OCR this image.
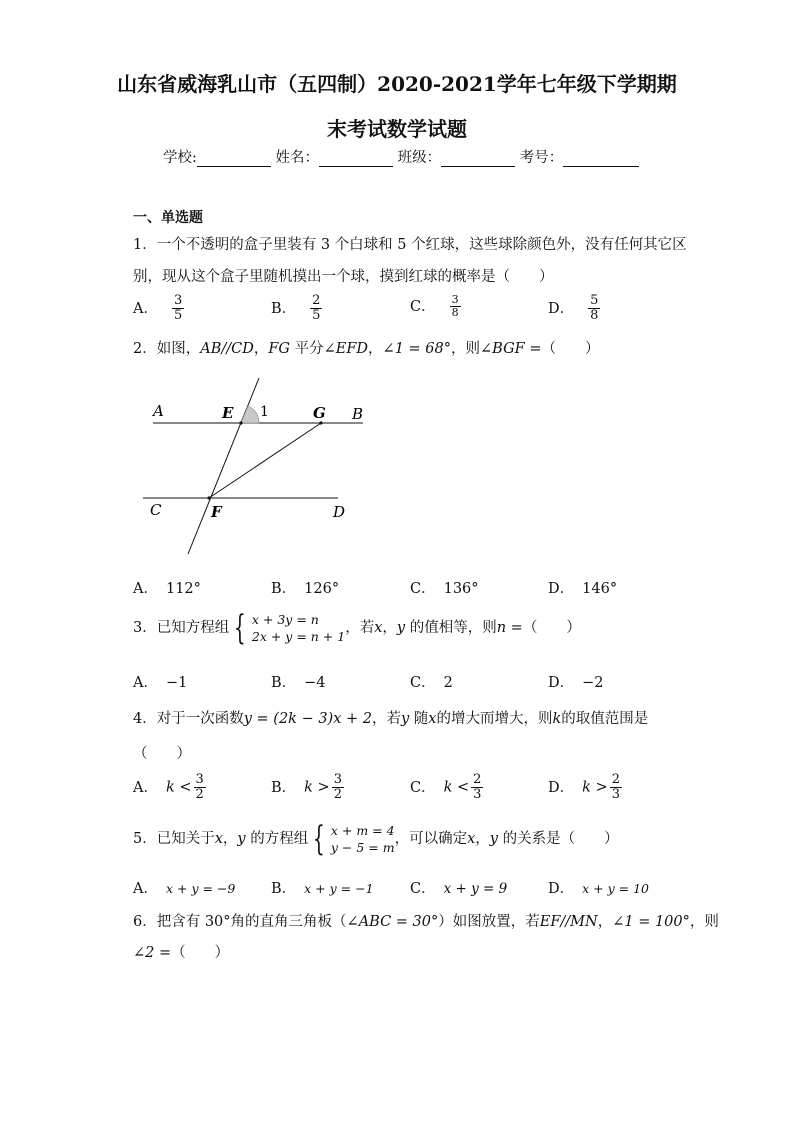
山东省威海乳山市（五四制）2020-2021学年七年级下学期期
末考试数学试题
学校:	姓名：	班级：	考号：
一、单选题
1．一个不透明的盒子里装有 3 个白球和 5 个红球，这些球除颜色外，没有任何其它区
别，现从这个盒子里随机摸出一个球，摸到红球的概率是（　　）
A． $\frac{3}{5}$	B． $\frac{2}{5}$	C． $\frac{3}{8}$	D． $\frac{5}{8}$
2．如图，AB//CD，FG 平分∠EFD，∠1 = 68°，则∠BGF =（　　）
A	E 1	G B
C	F	D
A． 112°	B． 126°	C． 136°	D． 146°
3．已知方程组 { x + 3y = n
2x + y = n + 1
，若x，y 的值相等，则n =（　　）
A． −1	B． −4	C． 2	D． −2
4．对于一次函数y = (2k − 3)x + 2，若y 随x的增大而增大，则k的取值范围是
（　　）
A． $k < \frac{3}{2}$	B． $k > \frac{3}{2}$	C． $k < \frac{2}{3}$	D． $k > \frac{2}{3}$
5．已知关于x，y 的方程组 { x + m = 4
y − 5 = m
，可以确定x，y 的关系是（　　）
A． x + y = −9 B． x + y = −1	C． x + y = 9	D． x + y = 10
6．把含有 30°角的直角三角板（∠ABC = 30°）如图放置，若EF//MN，∠1 = 100°，则
∠2 =（　　）
